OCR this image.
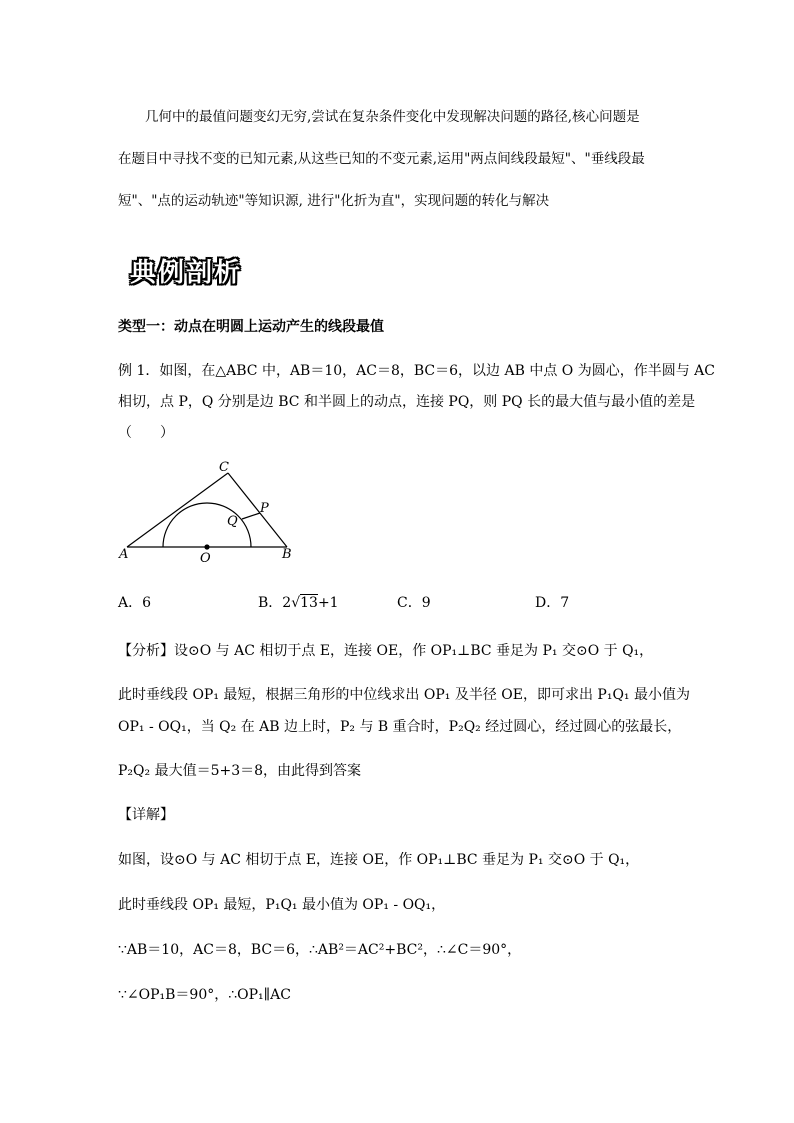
几何中的最值问题变幻无穷,尝试在复杂条件变化中发现解决问题的路径,核心问题是
在题目中寻找不变的已知元素,从这些已知的不变元素,运用"两点间线段最短"、"垂线段最
短"、"点的运动轨迹"等知识源, 进行"化折为直"，实现问题的转化与解决
典例剖析
类型一：动点在明圆上运动产生的线段最值
例 1．如图，在△ABC 中，AB＝10，AC＝8，BC＝6，以边 AB 中点 O 为圆心，作半圆与 AC
相切，点 P，Q 分别是边 BC 和半圆上的动点，连接 PQ，则 PQ 长的最大值与最小值的差是
（　　）
A	B
C
O
P
Q
A．6	B．2√13+1	C．9	D．7
【分析】设⊙O 与 AC 相切于点 E，连接 OE，作 OP₁⊥BC 垂足为 P₁ 交⊙O 于 Q₁，
此时垂线段 OP₁ 最短，根据三角形的中位线求出 OP₁ 及半径 OE，即可求出 P₁Q₁ 最小值为
OP₁ - OQ₁，当 Q₂ 在 AB 边上时，P₂ 与 B 重合时，P₂Q₂ 经过圆心，经过圆心的弦最长，
P₂Q₂ 最大值＝5+3＝8，由此得到答案
【详解】
如图，设⊙O 与 AC 相切于点 E，连接 OE，作 OP₁⊥BC 垂足为 P₁ 交⊙O 于 Q₁，
此时垂线段 OP₁ 最短，P₁Q₁ 最小值为 OP₁ - OQ₁，
∵AB＝10，AC＝8，BC＝6，∴AB²＝AC²+BC²，∴∠C＝90°，
∵∠OP₁B＝90°，∴OP₁∥AC
